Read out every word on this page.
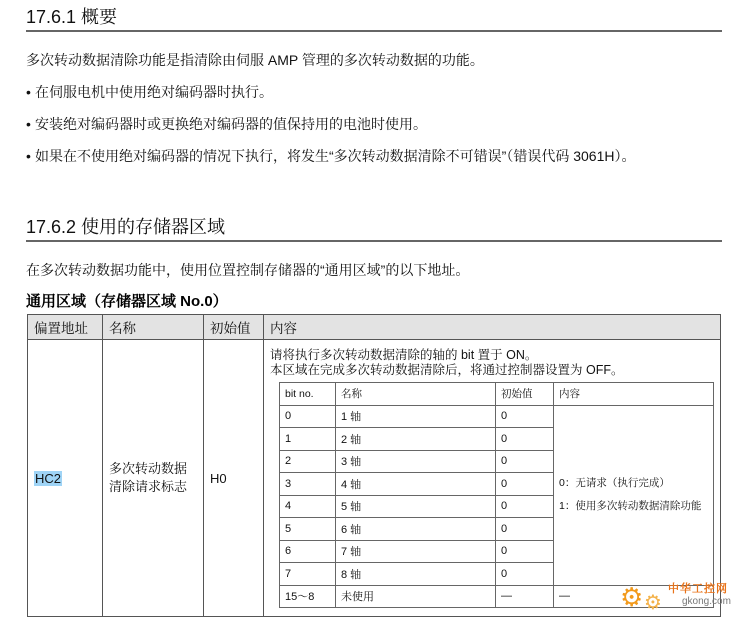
17.6.1 概要
多次转动数据清除功能是指清除由伺服 AMP 管理的多次转动数据的功能。
• 在伺服电机中使用绝对编码器时执行。
• 安装绝对编码器时或更换绝对编码器的值保持用的电池时使用。
• 如果在不使用绝对编码器的情况下执行，将发生“多次转动数据清除不可错误”（错误代码 3061H）。
17.6.2 使用的存储器区域
在多次转动数据功能中，使用位置控制存储器的“通用区域”的以下地址。
通用区域（存储器区域 No.0）
偏置地址	名称	初始值	内容
HC2	多次转动数据清除请求标志	H0	
请将执行多次转动数据清除的轴的 bit 置于 ON。
本区域在完成多次转动数据清除后，将通过控制器设置为 OFF。
bit no.	名称	初始值	内容
0	1 轴	0	
0：无请求（执行完成）
1：使用多次转动数据清除功能

1	2 轴	0
2	3 轴	0
3	4 轴	0
4	5 轴	0
5	6 轴	0
6	7 轴	0
7	8 轴	0
15～8	未使用	—	— ⚙ ⚙
中华工控网
gkong.com
